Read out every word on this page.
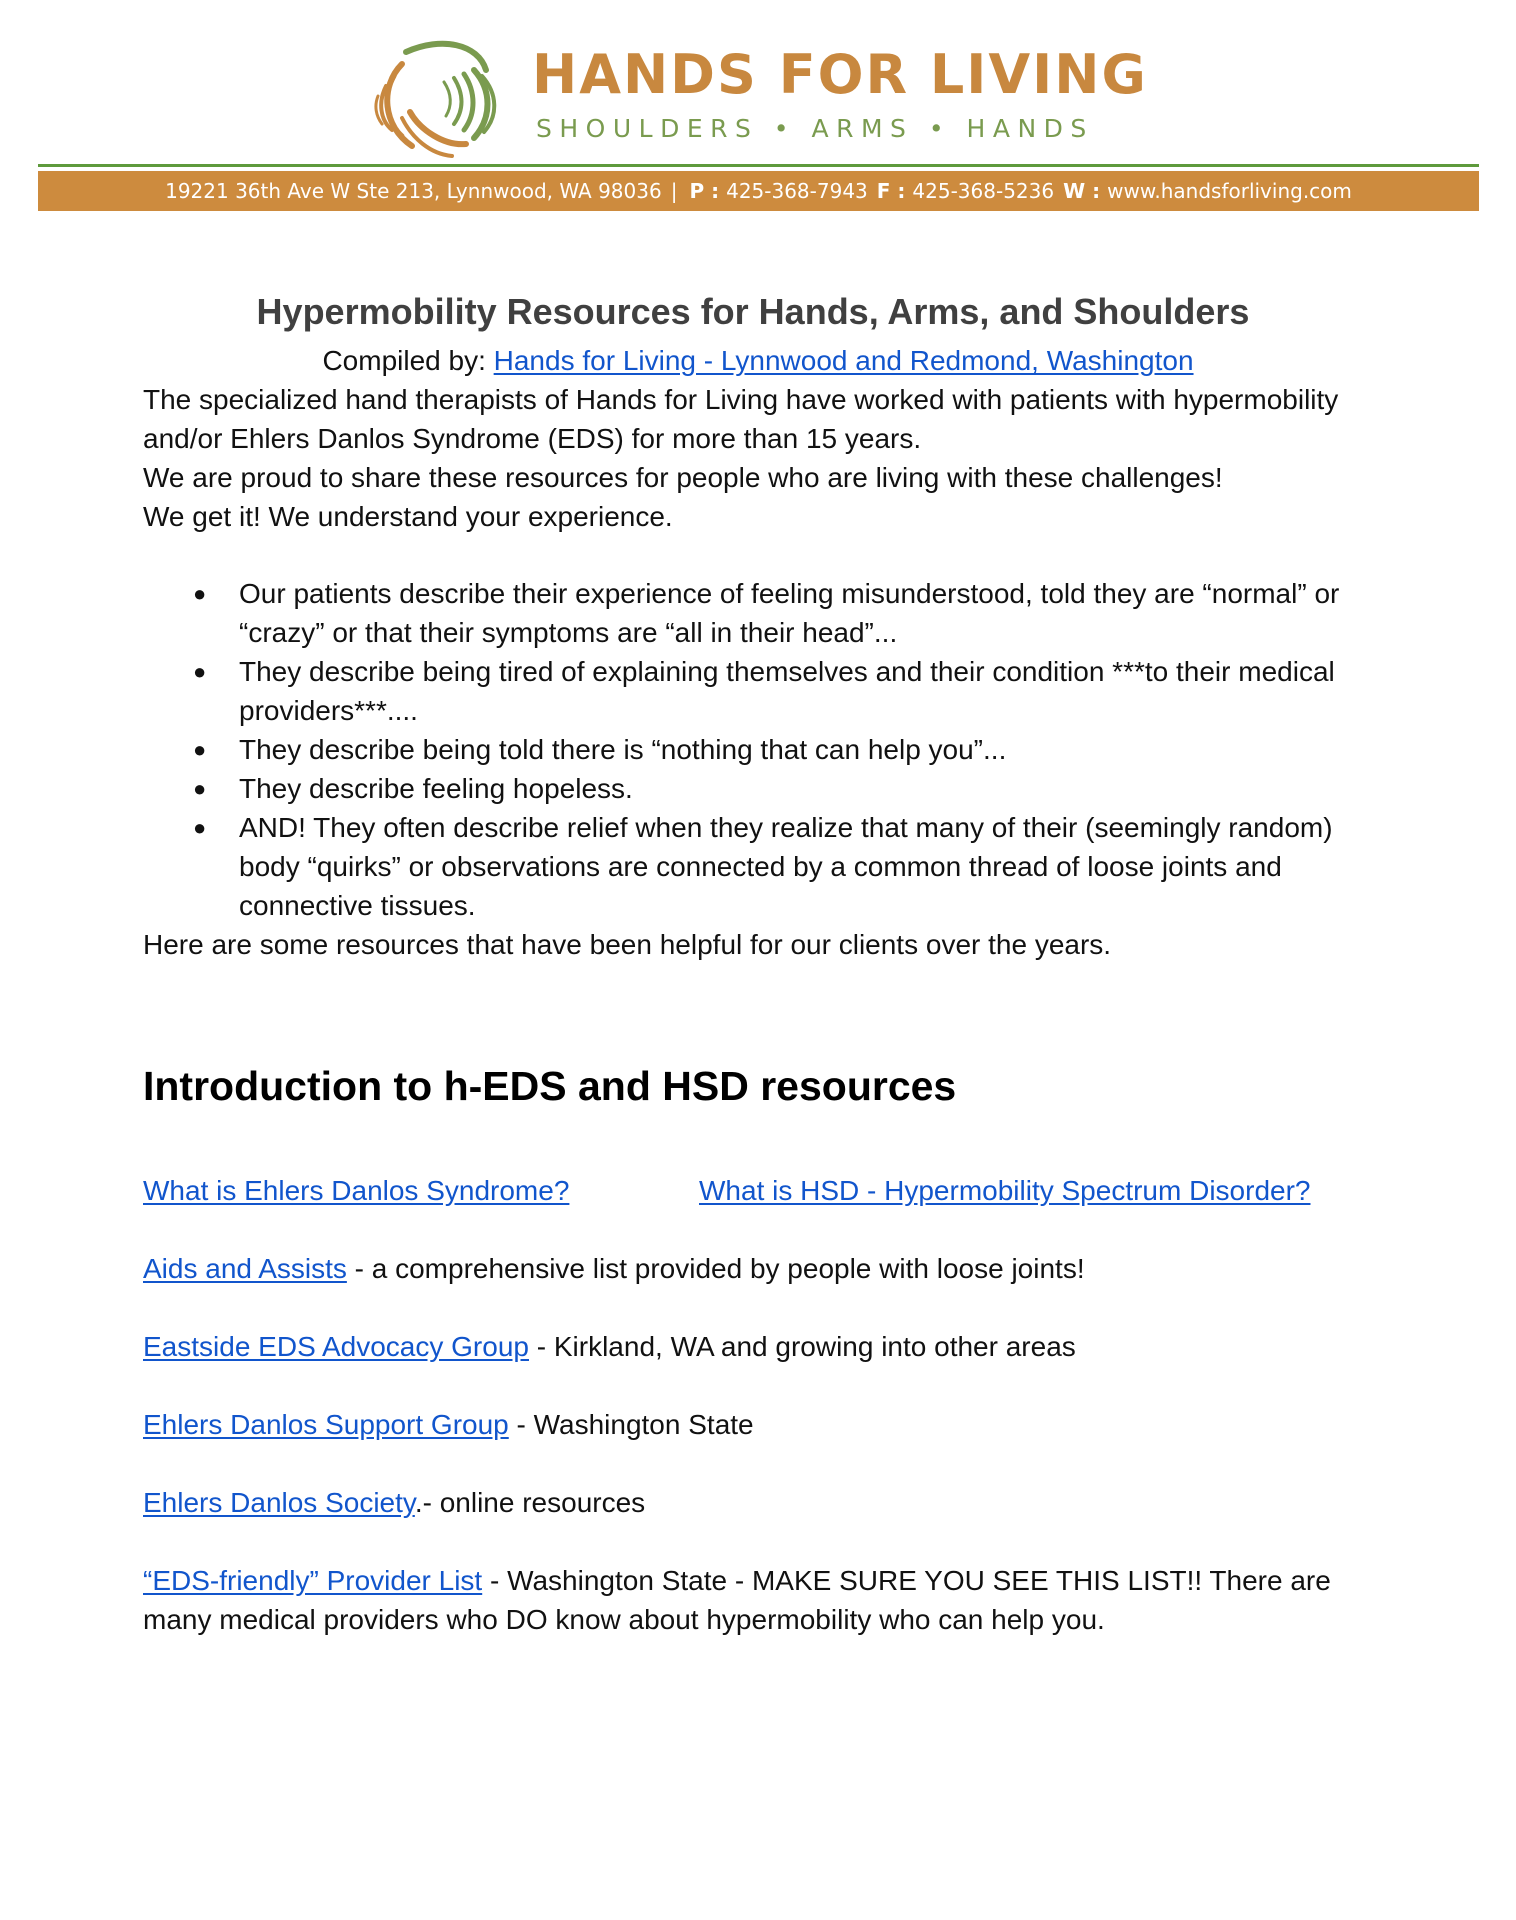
HANDS FOR LIVING
SHOULDERS • ARMS • HANDS
19221 36th Ave W Ste 213, Lynnwood, WA 98036 | P : 425-368-7943 F : 425-368-5236 W : www.handsforliving.com
Hypermobility Resources for Hands, Arms, and Shoulders
Compiled by: Hands for Living - Lynnwood and Redmond, Washington

The specialized hand therapists of Hands for Living have worked with patients with hypermobility and/or Ehlers Danlos Syndrome (EDS) for more than 15 years.

We are proud to share these resources for people who are living with these challenges!

We get it! We understand your experience.

● Our patients describe their experience of feeling misunderstood, told they are “normal” or “crazy” or that their symptoms are “all in their head”...
● They describe being tired of explaining themselves and their condition ***to their medical providers***....
● They describe being told there is “nothing that can help you”...
● They describe feeling hopeless.
● AND! They often describe relief when they realize that many of their (seemingly random) body “quirks” or observations are connected by a common thread of loose joints and connective tissues.

Here are some resources that have been helpful for our clients over the years.

Introduction to h-EDS and HSD resources
What is Ehlers Danlos Syndrome?	What is HSD - Hypermobility Spectrum Disorder?
Aids and Assists - a comprehensive list provided by people with loose joints!
Eastside EDS Advocacy Group - Kirkland, WA and growing into other areas
Ehlers Danlos Support Group - Washington State
Ehlers Danlos Society.- online resources
“EDS-friendly” Provider List - Washington State - MAKE SURE YOU SEE THIS LIST!! There are many medical providers who DO know about hypermobility who can help you.
